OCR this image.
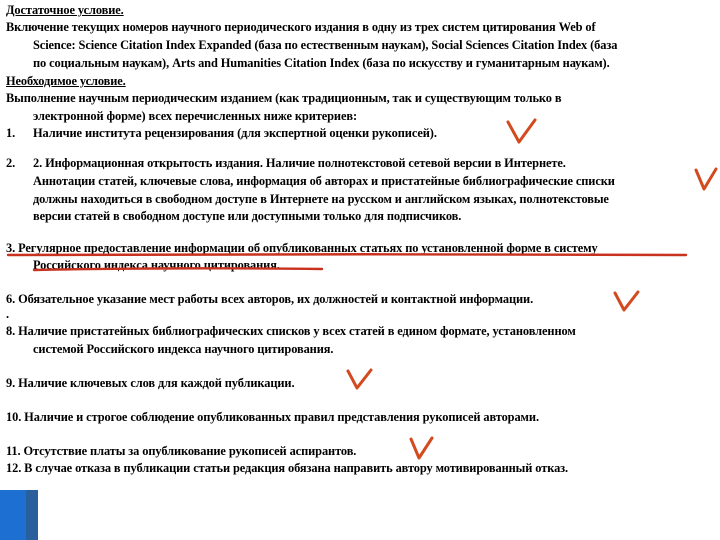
Достаточное условие.
Включение текущих номеров научного периодического издания в одну из трех систем цитирования Web of
Science: Science Citation Index Expanded (база по естественным наукам), Social Sciences Citation Index (база
по социальным наукам), Arts and Humanities Citation Index (база по искусству и гуманитарным наукам).
Необходимое условие.
Выполнение научным периодическим изданием (как традиционным, так и существующим только в
электронной форме) всех перечисленных ниже критериев:
1. Наличие института рецензирования (для экспертной оценки рукописей).
2. 2. Информационная открытость издания. Наличие полнотекстовой сетевой версии в Интернете.
Аннотации статей, ключевые слова, информация об авторах и пристатейные библиографические списки
должны находиться в свободном доступе в Интернете на русском и английском языках, полнотекстовые
версии статей в свободном доступе или доступными только для подписчиков.
3. Регулярное предоставление информации об опубликованных статьях по установленной форме в систему
Российского индекса научного цитирования.
6. Обязательное указание мест работы всех авторов, их должностей и контактной информации.
.
8. Наличие пристатейных библиографических списков у всех статей в едином формате, установленном
системой Российского индекса научного цитирования.
9. Наличие ключевых слов для каждой публикации.
10. Наличие и строгое соблюдение опубликованных правил представления рукописей авторами.
11. Отсутствие платы за опубликование рукописей аспирантов.
12. В случае отказа в публикации статьи редакция обязана направить автору мотивированный отказ.
